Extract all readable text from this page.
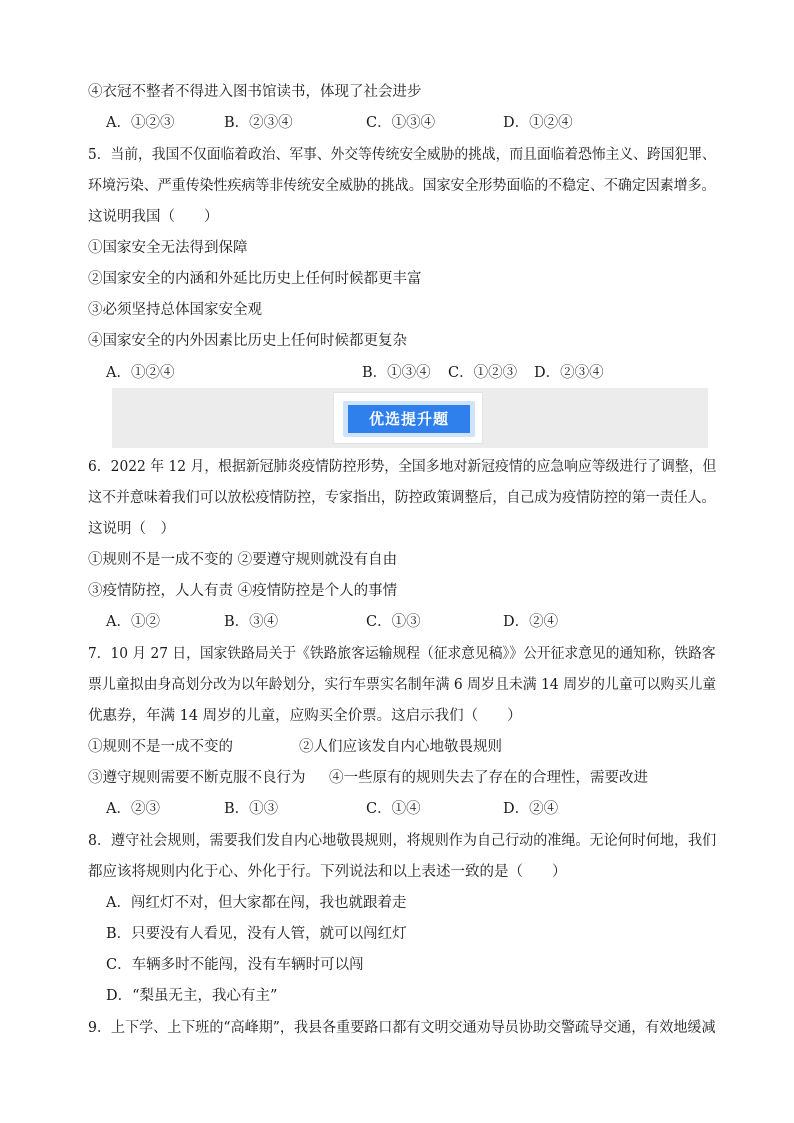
④衣冠不整者不得进入图书馆读书，体现了社会进步
A．①②③	B．②③④	C．①③④	D．①②④
5．当前，我国不仅面临着政治、军事、外交等传统安全威胁的挑战，而且面临着恐怖主义、跨国犯罪、
环境污染、严重传染性疾病等非传统安全威胁的挑战。国家安全形势面临的不稳定、不确定因素增多。
这说明我国（　　）
①国家安全无法得到保障
②国家安全的内涵和外延比历史上任何时候都更丰富
③必须坚持总体国家安全观
④国家安全的内外因素比历史上任何时候都更复杂
A．①②④	B．①③④ C．①②③ D．②③④
优选提升题
6．2022 年 12 月，根据新冠肺炎疫情防控形势，全国多地对新冠疫情的应急响应等级进行了调整，但
这不并意味着我们可以放松疫情防控，专家指出，防控政策调整后，自己成为疫情防控的第一责任人。
这说明（　）
①规则不是一成不变的 ②要遵守规则就没有自由
③疫情防控，人人有责 ④疫情防控是个人的事情
A．①②	B．③④	C．①③	D．②④
7．10 月 27 日，国家铁路局关于《铁路旅客运输规程（征求意见稿》》公开征求意见的通知称，铁路客
票儿童拟由身高划分改为以年龄划分，实行车票实名制年满 6 周岁且未满 14 周岁的儿童可以购买儿童
优惠券，年满 14 周岁的儿童，应购买全价票。这启示我们（　　）
①规则不是一成不变的	②人们应该发自内心地敬畏规则
③遵守规则需要不断克服不良行为 ④一些原有的规则失去了存在的合理性，需要改进
A．②③	B．①③	C．①④	D．②④
8．遵守社会规则，需要我们发自内心地敬畏规则，将规则作为自己行动的准绳。无论何时何地，我们
都应该将规则内化于心、外化于行。下列说法和以上表述一致的是（　　）
A．闯红灯不对，但大家都在闯，我也就跟着走
B．只要没有人看见，没有人管，就可以闯红灯
C．车辆多时不能闯，没有车辆时可以闯
D．“梨虽无主，我心有主”
9．上下学、上下班的“高峰期”，我县各重要路口都有文明交通劝导员协助交警疏导交通，有效地缓减
